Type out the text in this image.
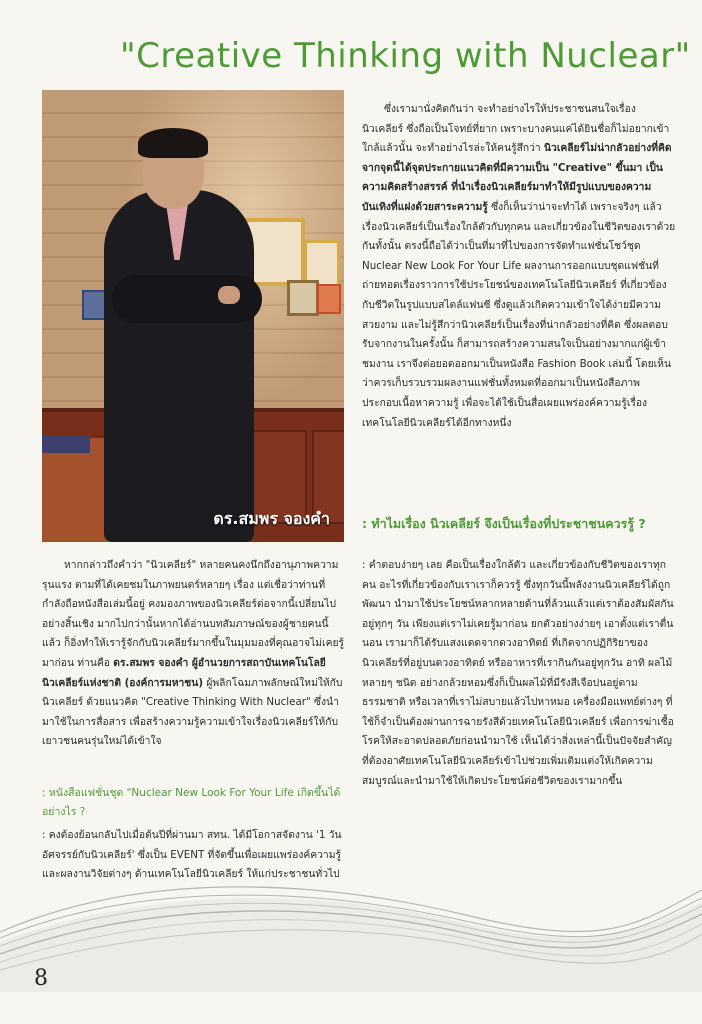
"Creative Thinking with Nuclear"
ดร.สมพร จองคำ

ซึ่งเรามานั่งคิดกันว่า จะทำอย่างไรให้ประชาชนสนใจเรื่องนิวเคลียร์ ซึ่งถือเป็นโจทย์ที่ยาก เพราะบางคนแค่ได้ยินชื่อก็ไม่อยากเข้าใกล้แล้วนั้น จะทำอย่างไรล่ะให้คนรู้สึกว่า นิวเคลียร์ไม่น่ากลัวอย่างที่คิด จากจุดนี้ได้จุดประกายแนวคิดที่มีความเป็น "Creative" ขึ้นมา เป็นความคิดสร้างสรรค์ ที่นำเรื่องนิวเคลียร์มาทำให้มีรูปแบบของความบันเทิงที่แฝงด้วยสาระความรู้ ซึ่งก็เห็นว่าน่าจะทำได้ เพราะจริงๆ แล้วเรื่องนิวเคลียร์เป็นเรื่องใกล้ตัวกับทุกคน และเกี่ยวข้องในชีวิตของเราด้วยกันทั้งนั้น ตรงนี้ถือได้ว่าเป็นที่มาที่ไปของการจัดทำแฟชั่นโชว์ชุด Nuclear New Look For Your Life ผลงานการออกแบบชุดแฟชั่นที่ถ่ายทอดเรื่องราวการใช้ประโยชน์ของเทคโนโลยีนิวเคลียร์ ที่เกี่ยวข้องกับชีวิตในรูปแบบสไตล์แฟนซี ซึ่งดูแล้วเกิดความเข้าใจได้ง่ายมีความสวยงาม และไม่รู้สึกว่านิวเคลียร์เป็นเรื่องที่น่ากลัวอย่างที่คิด ซึ่งผลตอบรับจากงานในครั้งนั้น ก็สามารถสร้างความสนใจเป็นอย่างมากแก่ผู้เข้าชมงาน เราจึงต่อยอดออกมาเป็นหนังสือ Fashion Book เล่มนี้ โดยเห็นว่าควรเก็บรวบรวมผลงานแฟชั่นทั้งหมดที่ออกมาเป็นหนังสือภาพประกอบเนื้อหาความรู้ เพื่อจะได้ใช้เป็นสื่อเผยแพร่องค์ความรู้เรื่องเทคโนโลยีนิวเคลียร์ได้อีกทางหนึ่ง

: ทำไมเรื่อง นิวเคลียร์ จึงเป็นเรื่องที่ประชาชนควรรู้ ?

: คำตอบง่ายๆ เลย คือเป็นเรื่องใกล้ตัว และเกี่ยวข้องกับชีวิตของเราทุกคน อะไรที่เกี่ยวข้องกับเราเราก็ควรรู้ ซึ่งทุกวันนี้พลังงานนิวเคลียร์ได้ถูกพัฒนา นำมาใช้ประโยชน์หลากหลายด้านที่ล้วนแล้วแต่เราต้องสัมผัสกันอยู่ทุกๆ วัน เพียงแต่เราไม่เคยรู้มาก่อน ยกตัวอย่างง่ายๆ เอาตั้งแต่เราตื่นนอน เรามาก็ได้รับแสงแดดจากดวงอาทิตย์ ที่เกิดจากปฏิกิริยาของนิวเคลียร์ที่อยู่บนดวงอาทิตย์ หรืออาหารที่เรากินกันอยู่ทุกวัน อาทิ ผลไม้หลายๆ ชนิด อย่างกล้วยหอมซึ่งก็เป็นผลไม้ที่มีรังสีเจือปนอยู่ตามธรรมชาติ หรือเวลาที่เราไม่สบายแล้วไปหาหมอ เครื่องมือแพทย์ต่างๆ ที่ใช้ก็จำเป็นต้องผ่านการฉายรังสีด้วยเทคโนโลยีนิวเคลียร์ เพื่อการฆ่าเชื้อโรคให้สะอาดปลอดภัยก่อนนำมาใช้ เห็นได้ว่าสิ่งเหล่านี้เป็นปัจจัยสำคัญที่ต้องอาศัยเทคโนโลยีนิวเคลียร์เข้าไปช่วยเพิ่มเติมแต่งให้เกิดความสมบูรณ์และนำมาใช้ให้เกิดประโยชน์ต่อชีวิตของเรามากขึ้น

หากกล่าวถึงคำว่า "นิวเคลียร์" หลายคนคงนึกถึงอานุภาพความรุนแรง ตามที่ได้เคยชมในภาพยนตร์หลายๆ เรื่อง แต่เชื่อว่าท่านที่กำลังถือหนังสือเล่มนี้อยู่ คงมองภาพของนิวเคลียร์ต่อจากนี้เปลี่ยนไปอย่างสิ้นเชิง มากไปกว่านั้นหากได้อ่านบทสัมภาษณ์ของผู้ชายคนนี้แล้ว ก็อิ่งทำให้เรารู้จักกับนิวเคลียร์มากขึ้นในมุมมองที่คุณอาจไม่เคยรู้มาก่อน ท่านคือ ดร.สมพร จองคำ ผู้อำนวยการสถาบันเทคโนโลยีนิวเคลียร์แห่งชาติ (องค์การมหาชน) ผู้พลิกโฉมภาพลักษณ์ใหม่ให้กับนิวเคลียร์ ด้วยแนวคิด "Creative Thinking With Nuclear" ซึ่งนำมาใช้ในการสื่อสาร เพื่อสร้างความรู้ความเข้าใจเรื่องนิวเคลียร์ให้กับเยาวชนคนรุ่นใหม่ได้เข้าใจ

: หนังสือแฟชั่นชุด "Nuclear New Look For Your Life เกิดขึ้นได้อย่างไร ?

: คงต้องย้อนกลับไปเมื่อต้นปีที่ผ่านมา สทน. ได้มีโอกาสจัดงาน '1 วันอัศจรรย์กับนิวเคลียร์' ซึ่งเป็น EVENT ที่จัดขึ้นเพื่อเผยแพร่องค์ความรู้และผลงานวิจัยต่างๆ ด้านเทคโนโลยีนิวเคลียร์ ให้แก่ประชาชนทั่วไป

8
